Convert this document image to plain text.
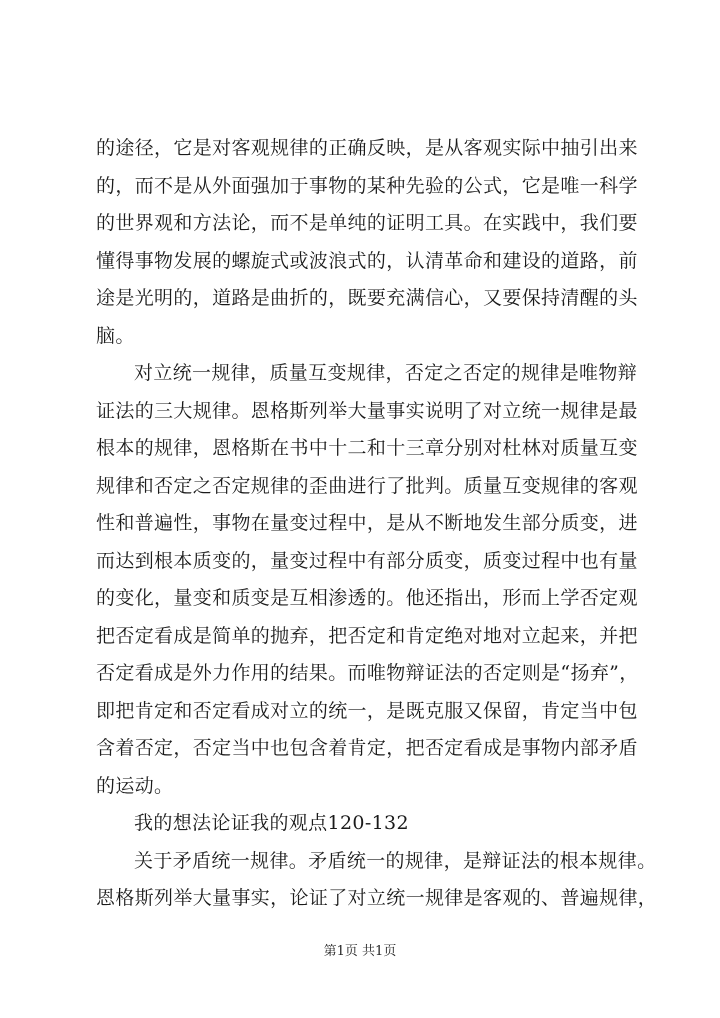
的途径，它是对客观规律的正确反映，是从客观实际中抽引出来
的，而不是从外面强加于事物的某种先验的公式，它是唯一科学
的世界观和方法论，而不是单纯的证明工具。在实践中，我们要
懂得事物发展的螺旋式或波浪式的，认清革命和建设的道路，前
途是光明的，道路是曲折的，既要充满信心，又要保持清醒的头
脑。
对立统一规律，质量互变规律，否定之否定的规律是唯物辩
证法的三大规律。恩格斯列举大量事实说明了对立统一规律是最
根本的规律，恩格斯在书中十二和十三章分别对杜林对质量互变
规律和否定之否定规律的歪曲进行了批判。质量互变规律的客观
性和普遍性，事物在量变过程中，是从不断地发生部分质变，进
而达到根本质变的，量变过程中有部分质变，质变过程中也有量
的变化，量变和质变是互相渗透的。他还指出，形而上学否定观
把否定看成是简单的抛弃，把否定和肯定绝对地对立起来，并把
否定看成是外力作用的结果。而唯物辩证法的否定则是“扬弃”，
即把肯定和否定看成对立的统一，是既克服又保留，肯定当中包
含着否定，否定当中也包含着肯定，把否定看成是事物内部矛盾
的运动。
我的想法论证我的观点120-132
关于矛盾统一规律。矛盾统一的规律，是辩证法的根本规律。
恩格斯列举大量事实，论证了对立统一规律是客观的、普遍规律，
第1页 共1页
